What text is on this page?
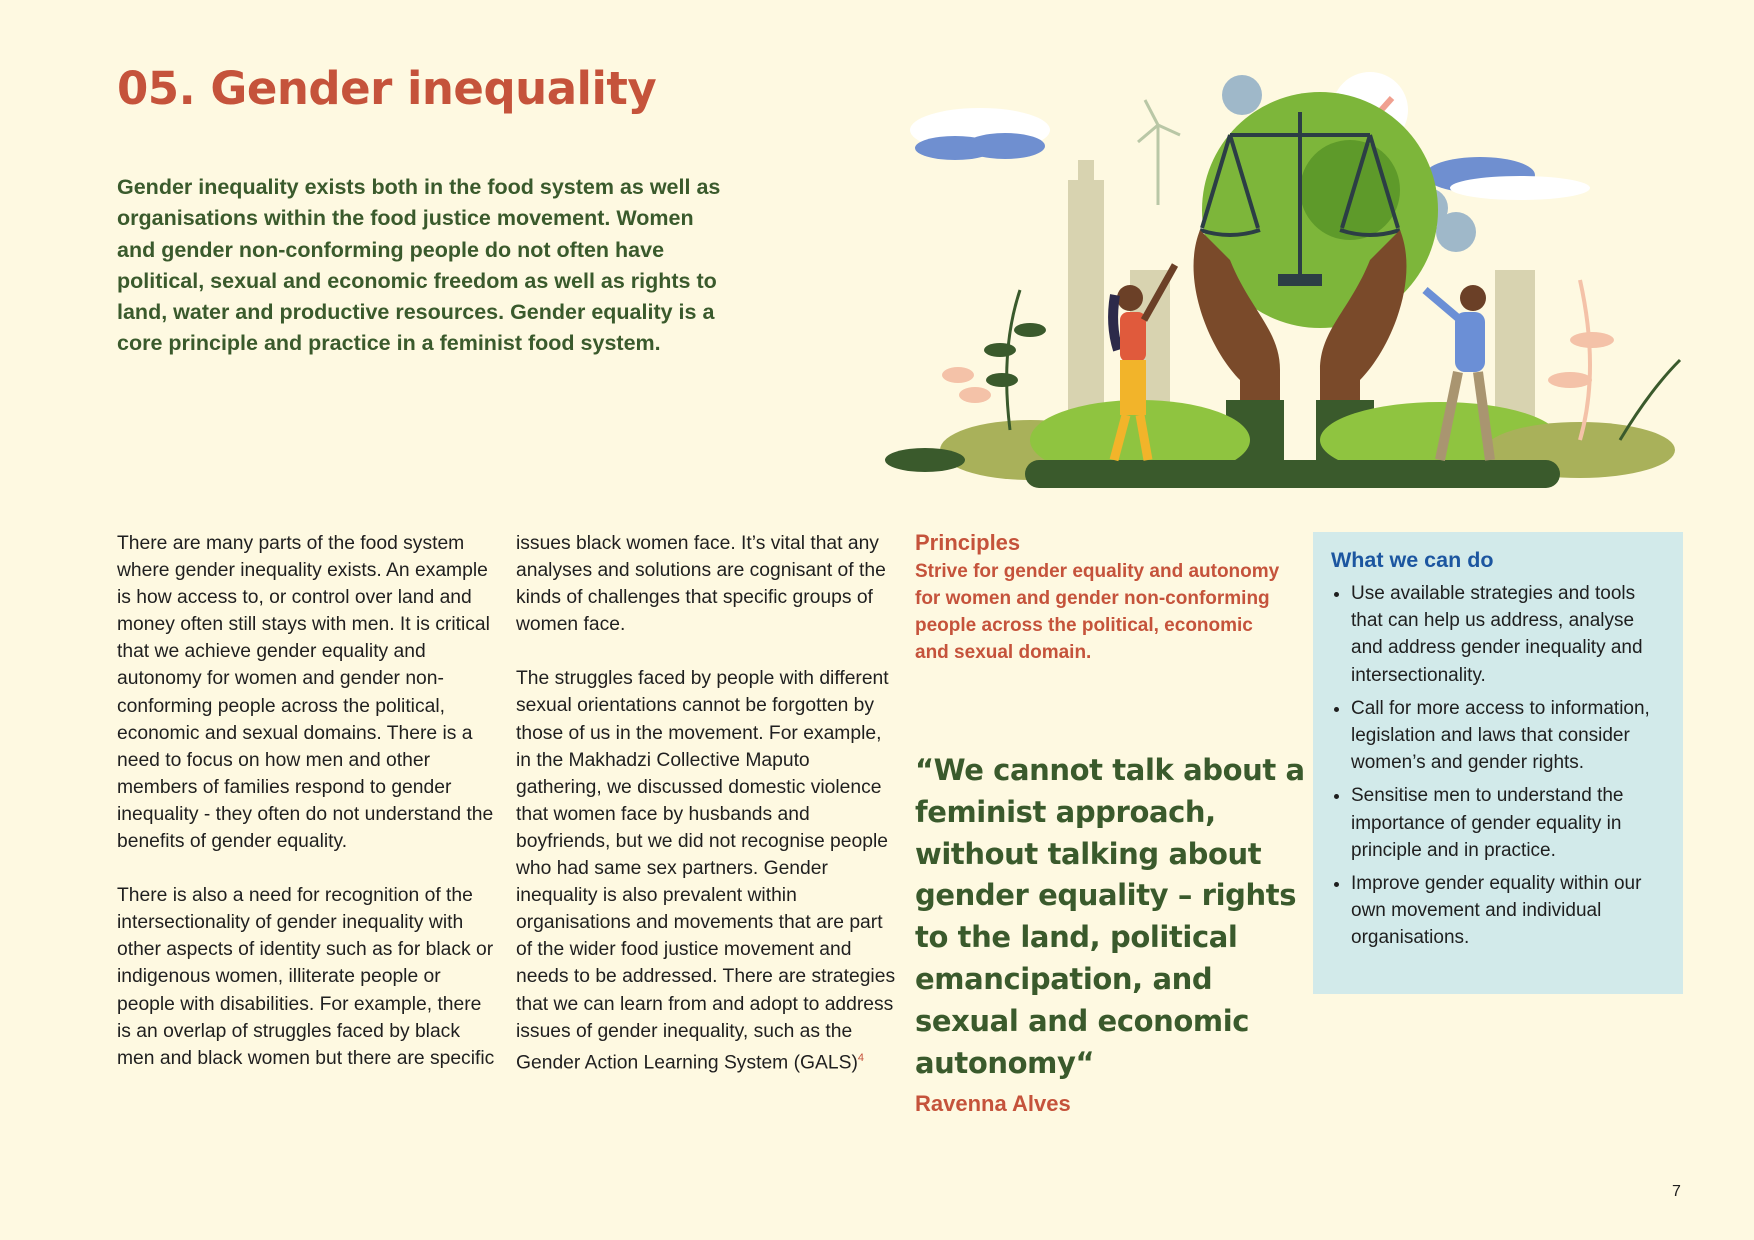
05. Gender inequality

Gender inequality exists both in the food system as well as organisations within the food justice movement. Women and gender non-conforming people do not often have political, sexual and economic freedom as well as rights to land, water and productive resources. Gender equality is a core principle and practice in a feminist food system.

There are many parts of the food system where gender inequality exists. An example is how access to, or control over land and money often still stays with men. It is critical that we achieve gender equality and autonomy for women and gender non-conforming people across the political, economic and sexual domains. There is a need to focus on how men and other members of families respond to gender inequality - they often do not understand the benefits of gender equality.

There is also a need for recognition of the intersectionality of gender inequality with other aspects of identity such as for black or indigenous women, illiterate people or people with disabilities. For example, there is an overlap of struggles faced by black men and black women but there are specific

issues black women face. It’s vital that any analyses and solutions are cognisant of the kinds of challenges that specific groups of women face.

The struggles faced by people with different sexual orientations cannot be forgotten by those of us in the movement. For example, in the Makhadzi Collective Maputo gathering, we discussed domestic violence that women face by husbands and boyfriends, but we did not recognise people who had same sex partners. Gender inequality is also prevalent within organisations and movements that are part of the wider food justice movement and needs to be addressed. There are strategies that we can learn from and adopt to address issues of gender inequality, such as the Gender Action Learning System (GALS)$^4$

Principles

Strive for gender equality and autonomy for women and gender non-conforming people across the political, economic and sexual domain.

“We cannot talk about a feminist approach, without talking about gender equality – rights to the land, political emancipation, and sexual and economic autonomy“

Ravenna Alves
What we can do
• Use available strategies and tools that can help us address, analyse and address gender inequality and intersectionality.
• Call for more access to information, legislation and laws that consider women’s and gender rights.
• Sensitise men to understand the importance of gender equality in principle and in practice.
• Improve gender equality within our own movement and individual organisations.
7
